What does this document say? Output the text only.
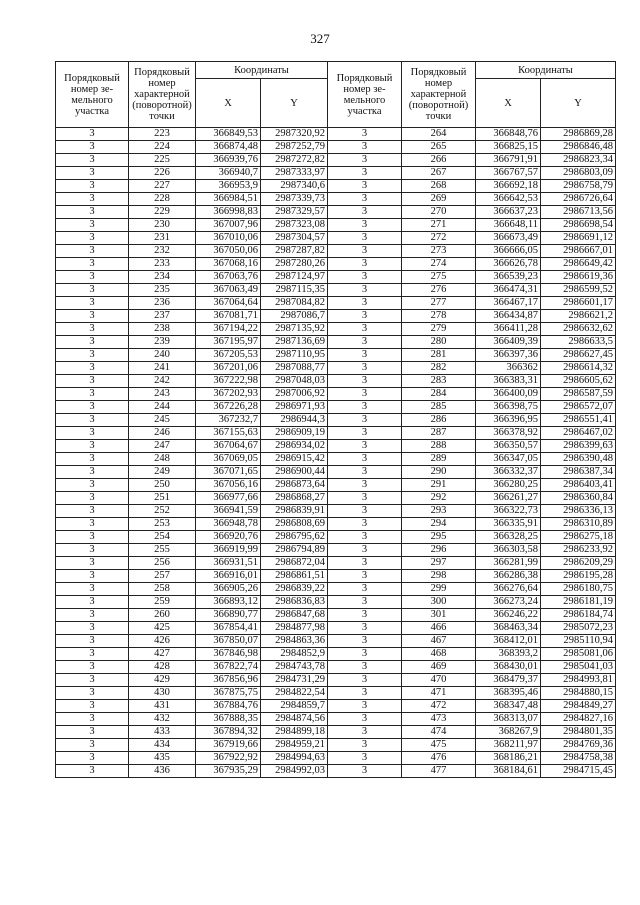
327
Порядковый номер зе- мельного участка	Порядковый номер характерной (поворотной) точки	Координаты		Порядковый номер зе- мельного участка	Порядковый номер характерной (поворотной) точки	Координаты	
		X	Y			X	Y
3	223	366849,53	2987320,92	3	264	366848,76	2986869,28
3	224	366874,48	2987252,79	3	265	366825,15	2986846,48
3	225	366939,76	2987272,82	3	266	366791,91	2986823,34
3	226	366940,7	2987333,97	3	267	366767,57	2986803,09
3	227	366953,9	2987340,6	3	268	366692,18	2986758,79
3	228	366984,51	2987339,73	3	269	366642,53	2986726,64
3	229	366998,83	2987329,57	3	270	366637,23	2986713,56
3	230	367007,96	2987323,08	3	271	366648,11	2986698,54
3	231	367010,06	2987304,57	3	272	366673,49	2986691,12
3	232	367050,06	2987287,82	3	273	366666,05	2986667,01
3	233	367068,16	2987280,26	3	274	366626,78	2986649,42
3	234	367063,76	2987124,97	3	275	366539,23	2986619,36
3	235	367063,49	2987115,35	3	276	366474,31	2986599,52
3	236	367064,64	2987084,82	3	277	366467,17	2986601,17
3	237	367081,71	2987086,7	3	278	366434,87	2986621,2
3	238	367194,22	2987135,92	3	279	366411,28	2986632,62
3	239	367195,97	2987136,69	3	280	366409,39	2986633,5
3	240	367205,53	2987110,95	3	281	366397,36	2986627,45
3	241	367201,06	2987088,77	3	282	366362	2986614,32
3	242	367222,98	2987048,03	3	283	366383,31	2986605,62
3	243	367202,93	2987006,92	3	284	366400,09	2986587,59
3	244	367226,28	2986971,93	3	285	366398,75	2986572,07
3	245	367232,7	2986944,3	3	286	366396,95	2986551,41
3	246	367155,63	2986909,19	3	287	366378,92	2986467,02
3	247	367064,67	2986934,02	3	288	366350,57	2986399,63
3	248	367069,05	2986915,42	3	289	366347,05	2986390,48
3	249	367071,65	2986900,44	3	290	366332,37	2986387,34
3	250	367056,16	2986873,64	3	291	366280,25	2986403,41
3	251	366977,66	2986868,27	3	292	366261,27	2986360,84
3	252	366941,59	2986839,91	3	293	366322,73	2986336,13
3	253	366948,78	2986808,69	3	294	366335,91	2986310,89
3	254	366920,76	2986795,62	3	295	366328,25	2986275,18
3	255	366919,99	2986794,89	3	296	366303,58	2986233,92
3	256	366931,51	2986872,04	3	297	366281,99	2986209,29
3	257	366916,01	2986861,51	3	298	366286,38	2986195,28
3	258	366905,26	2986839,22	3	299	366276,64	2986180,75
3	259	366893,12	2986836,83	3	300	366273,24	2986181,19
3	260	366890,77	2986847,68	3	301	366246,22	2986184,74
3	425	367854,41	2984877,98	3	466	368463,34	2985072,23
3	426	367850,07	2984863,36	3	467	368412,01	2985110,94
3	427	367846,98	2984852,9	3	468	368393,2	2985081,06
3	428	367822,74	2984743,78	3	469	368430,01	2985041,03
3	429	367856,96	2984731,29	3	470	368479,37	2984993,81
3	430	367875,75	2984822,54	3	471	368395,46	2984880,15
3	431	367884,76	2984859,7	3	472	368347,48	2984849,27
3	432	367888,35	2984874,56	3	473	368313,07	2984827,16
3	433	367894,32	2984899,18	3	474	368267,9	2984801,35
3	434	367919,66	2984959,21	3	475	368211,97	2984769,36
3	435	367922,92	2984994,63	3	476	368186,21	2984758,38
3	436	367935,29	2984992,03	3	477	368184,61	2984715,45
